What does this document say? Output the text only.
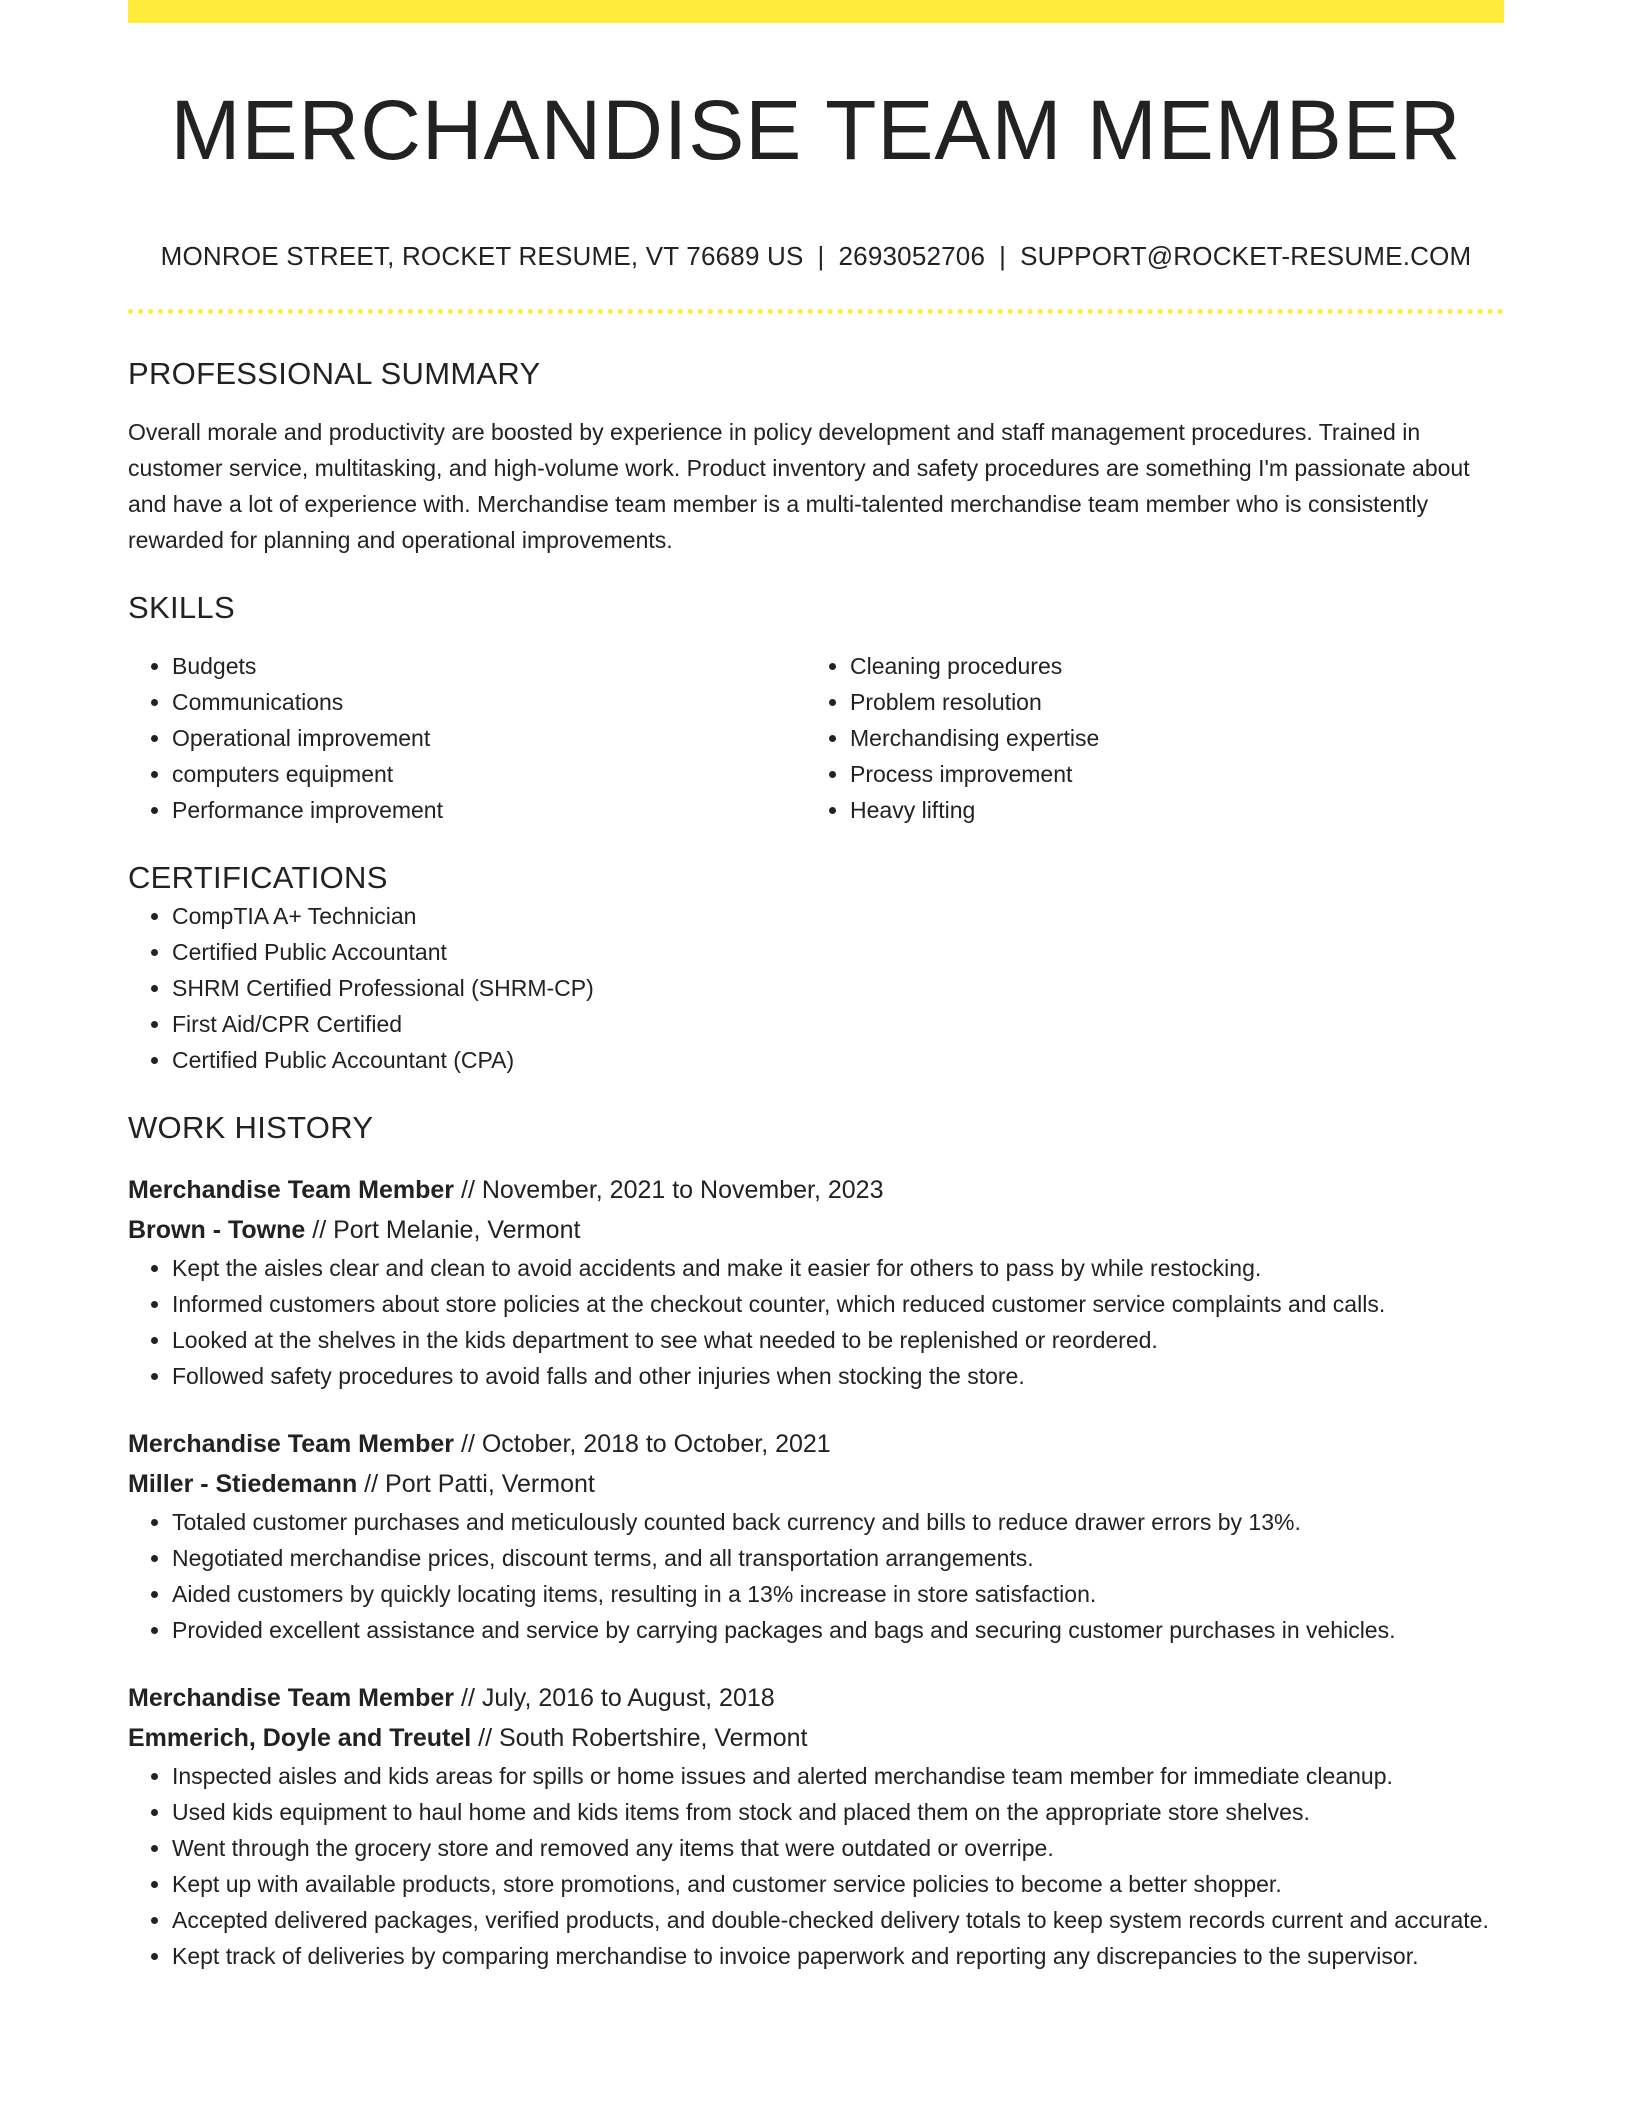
MERCHANDISE TEAM MEMBER
MONROE STREET, ROCKET RESUME, VT 76689 US | 2693052706 | SUPPORT@ROCKET-RESUME.COM
PROFESSIONAL SUMMARY
Overall morale and productivity are boosted by experience in policy development and staff management procedures. Trained in customer service, multitasking, and high-volume work. Product inventory and safety procedures are something I'm passionate about and have a lot of experience with. Merchandise team member is a multi-talented merchandise team member who is consistently rewarded for planning and operational improvements.
SKILLS
• Budgets
• Communications
• Operational improvement
• computers equipment
• Performance improvement
• Cleaning procedures
• Problem resolution
• Merchandising expertise
• Process improvement
• Heavy lifting
CERTIFICATIONS
• CompTIA A+ Technician
• Certified Public Accountant
• SHRM Certified Professional (SHRM-CP)
• First Aid/CPR Certified
• Certified Public Accountant (CPA)
WORK HISTORY
Merchandise Team Member // November, 2021 to November, 2023
Brown - Towne // Port Melanie, Vermont
• Kept the aisles clear and clean to avoid accidents and make it easier for others to pass by while restocking.
• Informed customers about store policies at the checkout counter, which reduced customer service complaints and calls.
• Looked at the shelves in the kids department to see what needed to be replenished or reordered.
• Followed safety procedures to avoid falls and other injuries when stocking the store.
Merchandise Team Member // October, 2018 to October, 2021
Miller - Stiedemann // Port Patti, Vermont
• Totaled customer purchases and meticulously counted back currency and bills to reduce drawer errors by 13%.
• Negotiated merchandise prices, discount terms, and all transportation arrangements.
• Aided customers by quickly locating items, resulting in a 13% increase in store satisfaction.
• Provided excellent assistance and service by carrying packages and bags and securing customer purchases in vehicles.
Merchandise Team Member // July, 2016 to August, 2018
Emmerich, Doyle and Treutel // South Robertshire, Vermont
• Inspected aisles and kids areas for spills or home issues and alerted merchandise team member for immediate cleanup.
• Used kids equipment to haul home and kids items from stock and placed them on the appropriate store shelves.
• Went through the grocery store and removed any items that were outdated or overripe.
• Kept up with available products, store promotions, and customer service policies to become a better shopper.
• Accepted delivered packages, verified products, and double-checked delivery totals to keep system records current and accurate.
• Kept track of deliveries by comparing merchandise to invoice paperwork and reporting any discrepancies to the supervisor.
